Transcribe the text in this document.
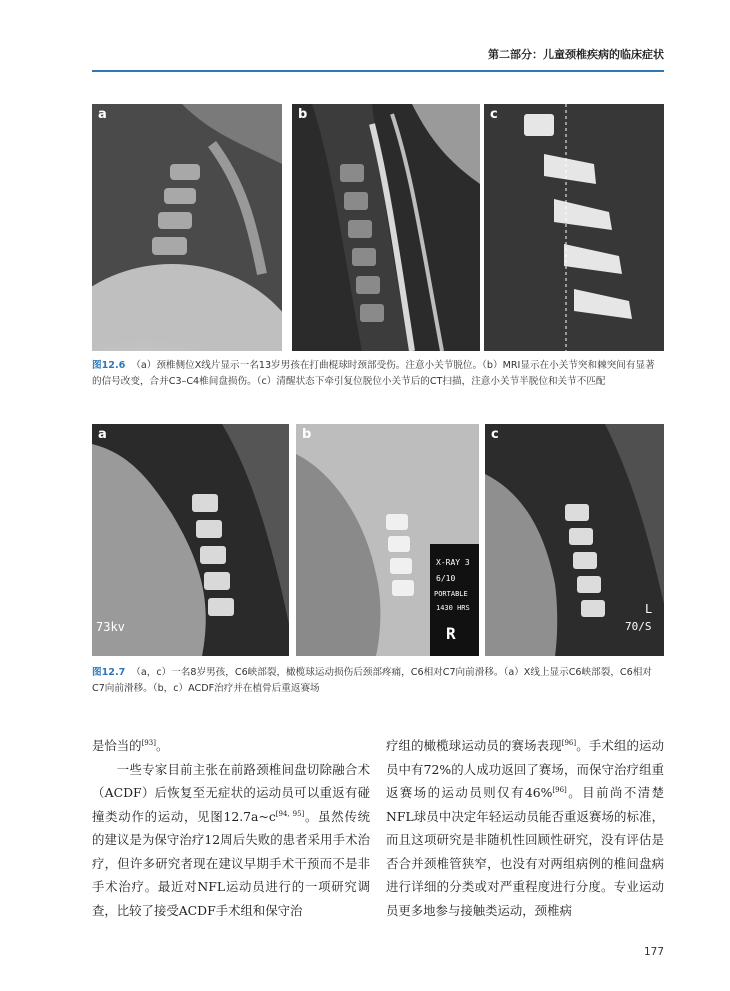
第二部分：儿童颈椎疾病的临床症状
a	b	c
图12.6 （a）颈椎侧位X线片显示一名13岁男孩在打曲棍球时颈部受伤。注意小关节脱位。（b）MRI显示在小关节突和棘突间有显著的信号改变，合并C3–C4椎间盘损伤。（c）清醒状态下牵引复位脱位小关节后的CT扫描，注意小关节半脱位和关节不匹配
a
73kv
b
X-RAY 3
6/10
PORTABLE
1430 HRS
R
c
L
70/S
图12.7 （a，c）一名8岁男孩，C6峡部裂，橄榄球运动损伤后颈部疼痛，C6相对C7向前滑移。（a）X线上显示C6峡部裂，C6相对C7向前滑移。（b，c）ACDF治疗并在植骨后重返赛场

是恰当的[93]。

一些专家目前主张在前路颈椎间盘切除融合术（ACDF）后恢复至无症状的运动员可以重返有碰撞类动作的运动，见图12.7a~c[94, 95]。虽然传统的建议是为保守治疗12周后失败的患者采用手术治疗，但许多研究者现在建议早期手术干预而不是非手术治疗。最近对NFL运动员进行的一项研究调查，比较了接受ACDF手术组和保守治

疗组的橄榄球运动员的赛场表现[96]。手术组的运动员中有72%的人成功返回了赛场，而保守治疗组重返赛场的运动员则仅有46%[96]。目前尚不清楚NFL球员中决定年轻运动员能否重返赛场的标准，而且这项研究是非随机性回顾性研究，没有评估是否合并颈椎管狭窄，也没有对两组病例的椎间盘病进行详细的分类或对严重程度进行分度。专业运动员更多地参与接触类运动，颈椎病

177
